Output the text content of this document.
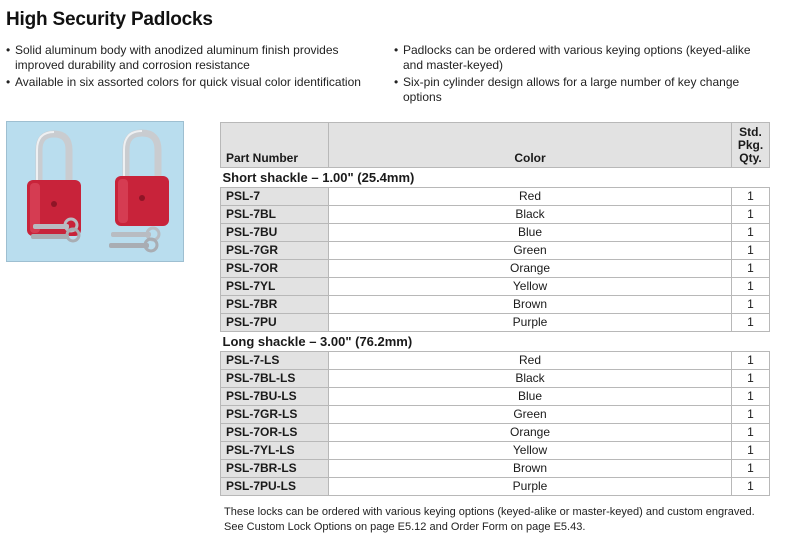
High Security Padlocks
• Solid aluminum body with anodized aluminum finish provides improved durability and corrosion resistance
• Available in six assorted colors for quick visual color identification
• Padlocks can be ordered with various keying options (keyed-alike and master-keyed)
• Six-pin cylinder design allows for a large number of key change options
Part Number	Color	Std.
Pkg.
Qty.

Short shackle – 1.00" (25.4mm)		
PSL-7	Red	1
PSL-7BL	Black	1
PSL-7BU	Blue	1
PSL-7GR	Green	1
PSL-7OR	Orange	1
PSL-7YL	Yellow	1
PSL-7BR	Brown	1
PSL-7PU	Purple	1
Long shackle – 3.00" (76.2mm)		
PSL-7-LS	Red	1
PSL-7BL-LS	Black	1
PSL-7BU-LS	Blue	1
PSL-7GR-LS	Green	1
PSL-7OR-LS	Orange	1
PSL-7YL-LS	Yellow	1
PSL-7BR-LS	Brown	1
PSL-7PU-LS	Purple	1
These locks can be ordered with various keying options (keyed-alike or master-keyed) and custom engraved.
See Custom Lock Options on page E5.12 and Order Form on page E5.43.
